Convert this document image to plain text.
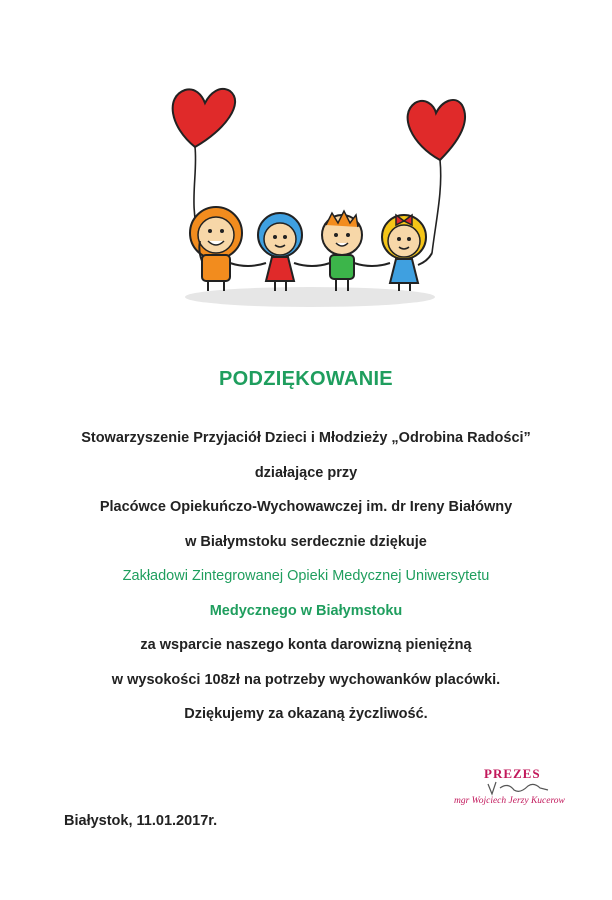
PODZIĘKOWANIE
Stowarzyszenie Przyjaciół Dzieci i Młodzieży „Odrobina Radości”
działające przy
Placówce Opiekuńczo-Wychowawczej im. dr Ireny Białówny
w Białymstoku serdecznie dziękuje
Zakładowi Zintegrowanej Opieki Medycznej Uniwersytetu
Medycznego w Białymstoku
za wsparcie naszego konta darowizną pieniężną
w wysokości 108zł na potrzeby wychowanków placówki.
Dziękujemy za okazaną życzliwość.

Białystok, 11.01.2017r.

PREZES

mgr Wojciech Jerzy Kucerow
